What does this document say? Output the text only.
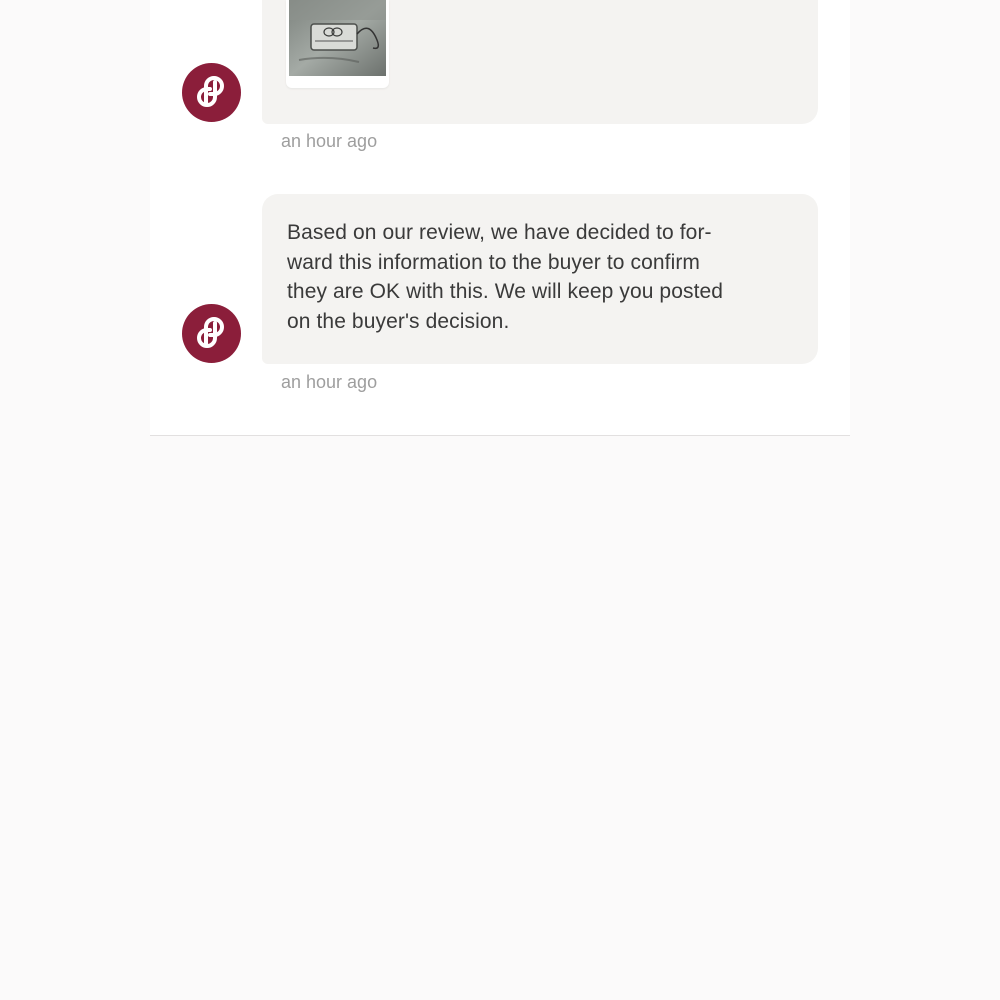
an hour ago
Based on our review, we have decided to for-
ward this information to the buyer to confirm
they are OK with this. We will keep you posted
on the buyer's decision.
an hour ago
